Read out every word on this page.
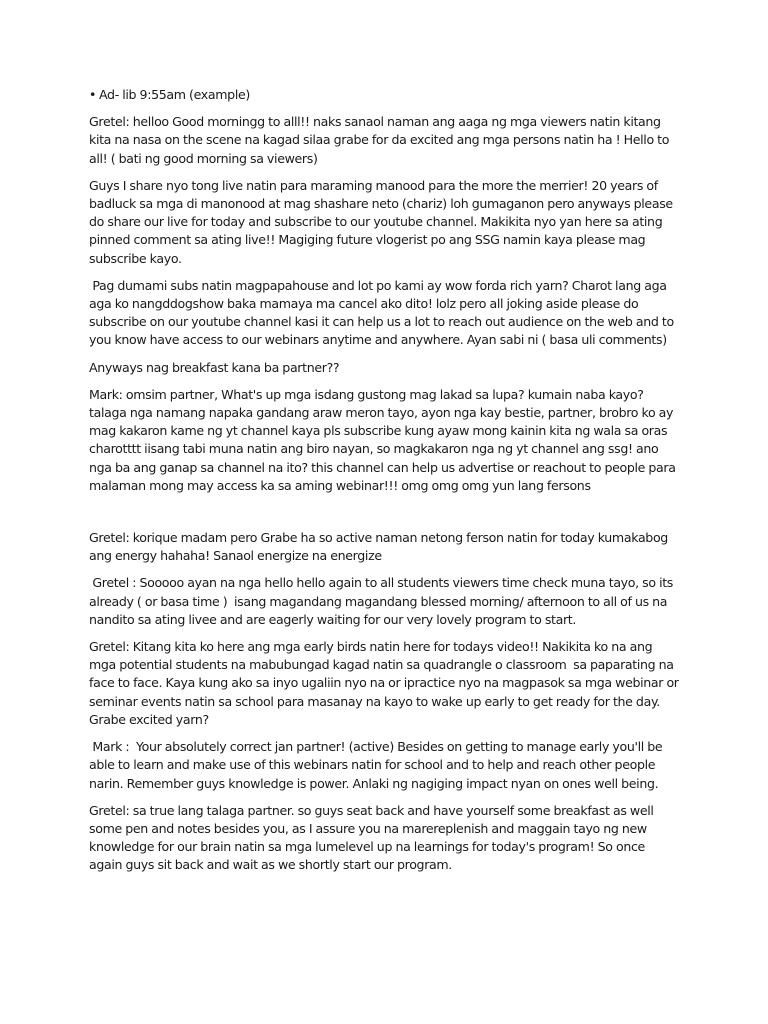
• Ad- lib 9:55am (example)

Gretel: helloo Good morningg to alll!! naks sanaol naman ang aaga ng mga viewers natin kitang kita na nasa on the scene na kagad silaa grabe for da excited ang mga persons natin ha ! Hello to all! ( bati ng good morning sa viewers)

Guys I share nyo tong live natin para maraming manood para the more the merrier! 20 years of badluck sa mga di manonood at mag shashare neto (chariz) loh gumaganon pero anyways please do share our live for today and subscribe to our youtube channel. Makikita nyo yan here sa ating pinned comment sa ating live!! Magiging future vlogerist po ang SSG namin kaya please mag subscribe kayo.

Pag dumami subs natin magpapahouse and lot po kami ay wow forda rich yarn? Charot lang aga aga ko nangddogshow baka mamaya ma cancel ako dito! lolz pero all joking aside please do subscribe on our youtube channel kasi it can help us a lot to reach out audience on the web and to you know have access to our webinars anytime and anywhere. Ayan sabi ni ( basa uli comments)

Anyways nag breakfast kana ba partner??

Mark: omsim partner, What's up mga isdang gustong mag lakad sa lupa? kumain naba kayo? talaga nga namang napaka gandang araw meron tayo, ayon nga kay bestie, partner, brobro ko ay mag kakaron kame ng yt channel kaya pls subscribe kung ayaw mong kainin kita ng wala sa oras charotttt iisang tabi muna natin ang biro nayan, so magkakaron nga ng yt channel ang ssg! ano nga ba ang ganap sa channel na ito? this channel can help us advertise or reachout to people para malaman mong may access ka sa aming webinar!!! omg omg omg yun lang fersons

Gretel: korique madam pero Grabe ha so active naman netong ferson natin for today kumakabog ang energy hahaha! Sanaol energize na energize

Gretel : Sooooo ayan na nga hello hello again to all students viewers time check muna tayo, so its already ( or basa time )  isang magandang magandang blessed morning/ afternoon to all of us na nandito sa ating livee and are eagerly waiting for our very lovely program to start.

Gretel: Kitang kita ko here ang mga early birds natin here for todays video!! Nakikita ko na ang mga potential students na mabubungad kagad natin sa quadrangle o classroom  sa paparating na face to face. Kaya kung ako sa inyo ugaliin nyo na or ipractice nyo na magpasok sa mga webinar or seminar events natin sa school para masanay na kayo to wake up early to get ready for the day. Grabe excited yarn?

Mark :  Your absolutely correct jan partner! (active) Besides on getting to manage early you'll be able to learn and make use of this webinars natin for school and to help and reach other people narin. Remember guys knowledge is power. Anlaki ng nagiging impact nyan on ones well being.

Gretel: sa true lang talaga partner. so guys seat back and have yourself some breakfast as well some pen and notes besides you, as I assure you na marereplenish and maggain tayo ng new knowledge for our brain natin sa mga lumelevel up na learnings for today's program! So once again guys sit back and wait as we shortly start our program.
